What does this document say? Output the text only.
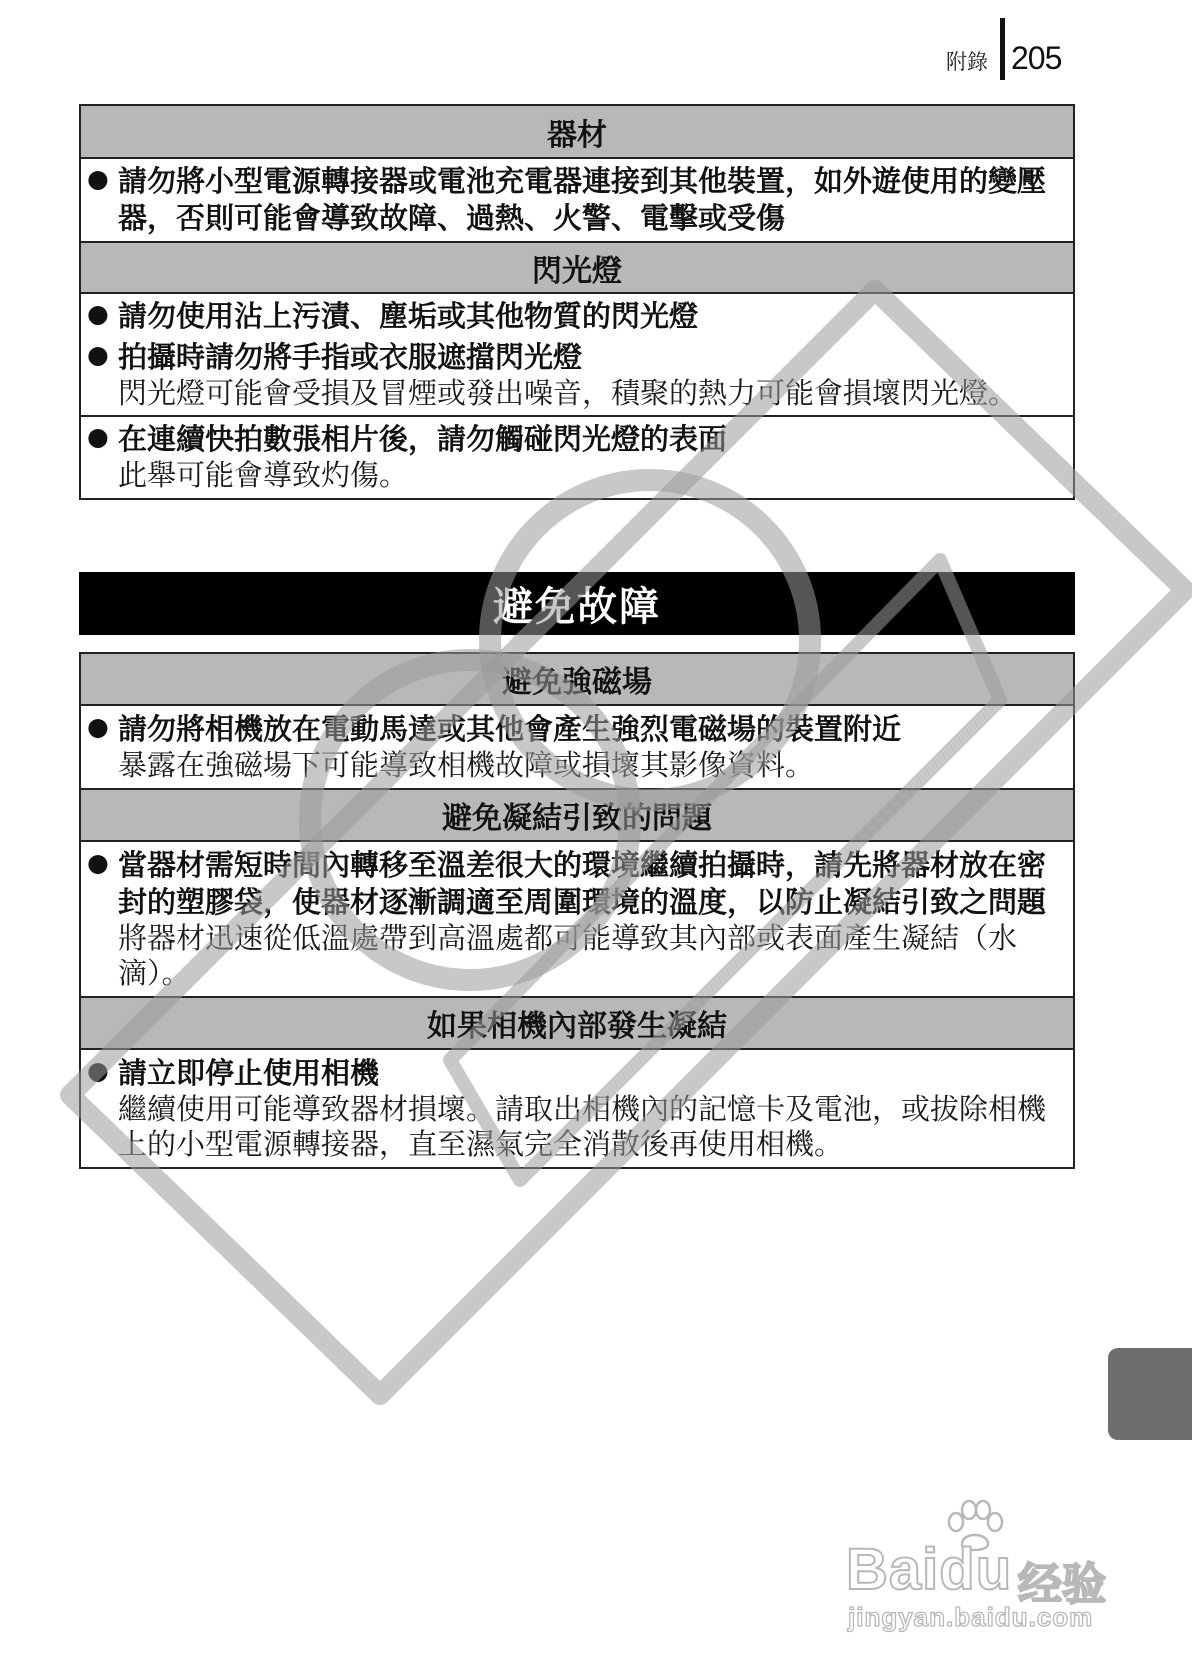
附錄 205
器材
● 請勿將小型電源轉接器或電池充電器連接到其他裝置，如外遊使用的變壓器，否則可能會導致故障、過熱、火警、電擊或受傷
閃光燈
● 請勿使用沾上污漬、塵垢或其他物質的閃光燈
● 拍攝時請勿將手指或衣服遮擋閃光燈
閃光燈可能會受損及冒煙或發出噪音，積聚的熱力可能會損壞閃光燈。
● 在連續快拍數張相片後，請勿觸碰閃光燈的表面
此舉可能會導致灼傷。
避免故障
避免強磁場
● 請勿將相機放在電動馬達或其他會產生強烈電磁場的裝置附近
暴露在強磁場下可能導致相機故障或損壞其影像資料。
避免凝結引致的問題
● 當器材需短時間內轉移至溫差很大的環境繼續拍攝時，請先將器材放在密封的塑膠袋，使器材逐漸調適至周圍環境的溫度，以防止凝結引致之問題
將器材迅速從低溫處帶到高溫處都可能導致其內部或表面產生凝結（水滴）。
如果相機內部發生凝結
● 請立即停止使用相機
繼續使用可能導致器材損壞。請取出相機內的記憶卡及電池，或拔除相機上的小型電源轉接器，直至濕氣完全消散後再使用相機。
Baidu 经验
jingyan.baidu.com
